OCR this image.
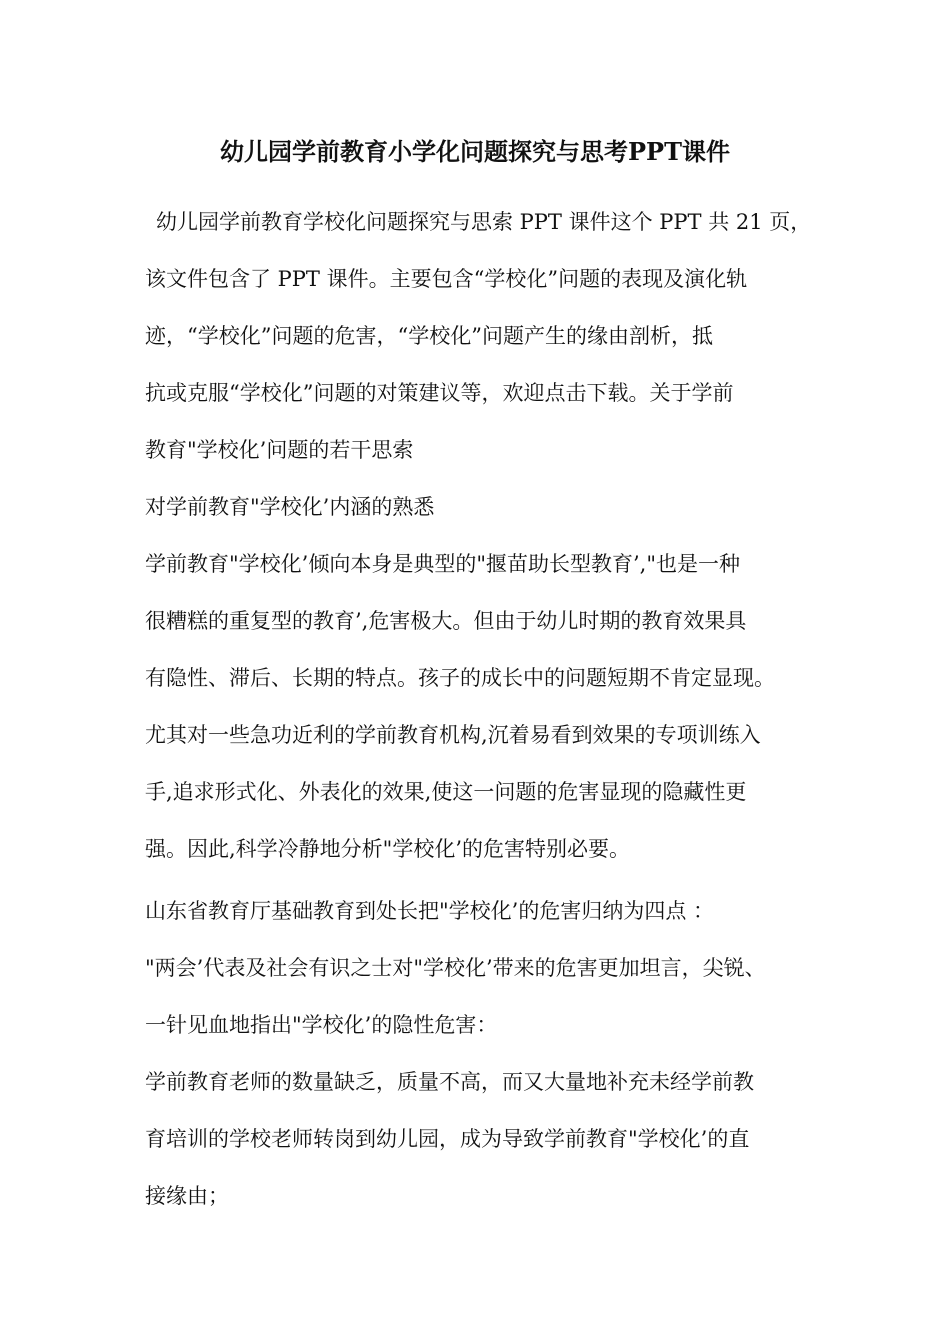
幼儿园学前教育小学化问题探究与思考PPT课件
幼儿园学前教育学校化问题探究与思索 PPT 课件这个 PPT 共 21 页，
该文件包含了 PPT 课件。主要包含“学校化”问题的表现及演化轨
迹，“学校化”问题的危害，“学校化”问题产生的缘由剖析，抵
抗或克服“学校化”问题的对策建议等，欢迎点击下载。关于学前
教育"学校化’问题的若干思索
对学前教育"学校化’内涵的熟悉
学前教育"学校化’倾向本身是典型的"揠苗助长型教育’,"也是一种
很糟糕的重复型的教育’,危害极大。但由于幼儿时期的教育效果具
有隐性、滞后、长期的特点。孩子的成长中的问题短期不肯定显现。
尤其对一些急功近利的学前教育机构,沉着易看到效果的专项训练入
手,追求形式化、外表化的效果,使这一问题的危害显现的隐藏性更
强。因此,科学冷静地分析"学校化’的危害特别必要。
山东省教育厅基础教育到处长把"学校化’的危害归纳为四点 ：
"两会’代表及社会有识之士对"学校化’带来的危害更加坦言，尖锐、
一针见血地指出"学校化’的隐性危害：
学前教育老师的数量缺乏，质量不高，而又大量地补充未经学前教
育培训的学校老师转岗到幼儿园，成为导致学前教育"学校化’的直
接缘由；
